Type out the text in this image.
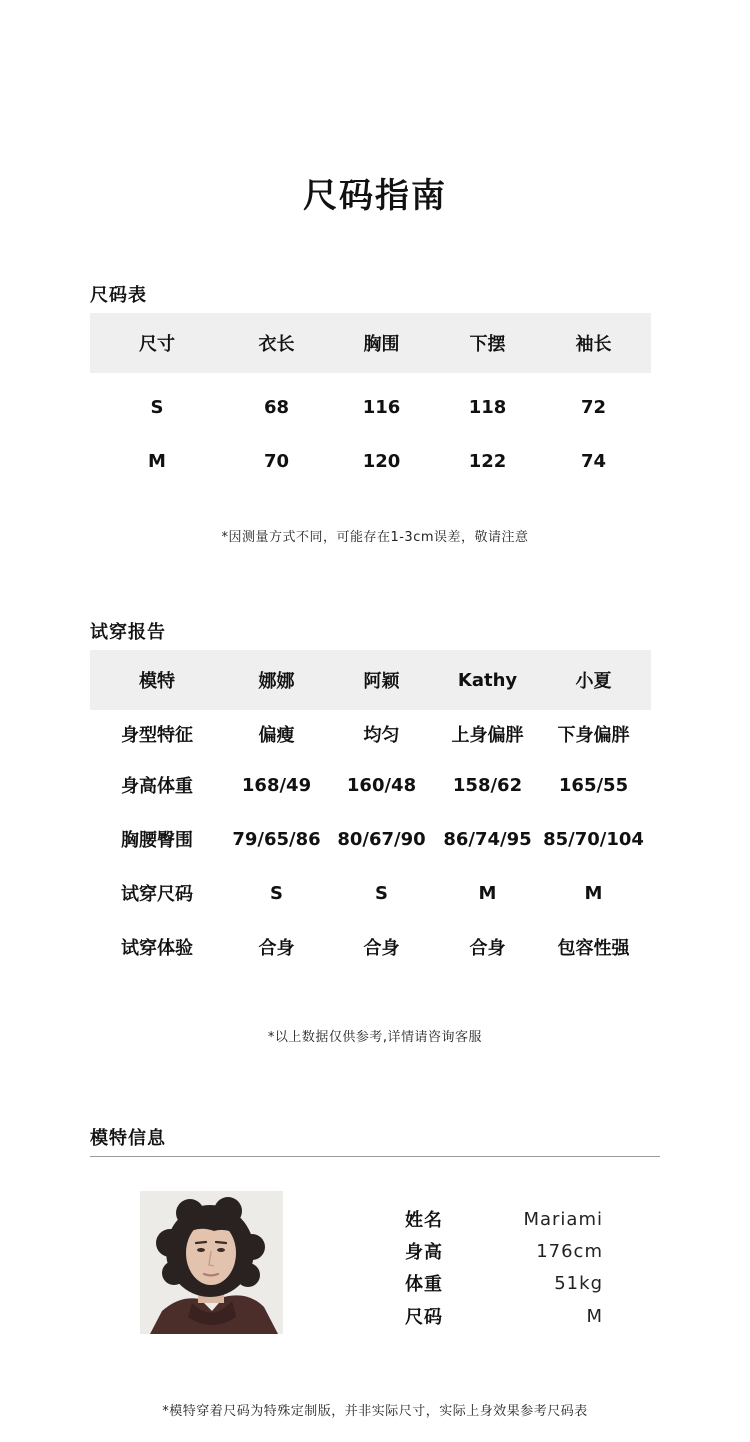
尺码指南
尺码表
尺寸	衣长	胸围	下摆	袖长
S	68	116	118	72
M	70	120	122	74
*因测量方式不同，可能存在1-3cm误差，敬请注意
试穿报告
模特	娜娜	阿颖	Kathy	小夏
身型特征	偏瘦	均匀	上身偏胖	下身偏胖
身高体重	168/49	160/48	158/62	165/55
胸腰臀围	79/65/86 80/67/90 86/74/95 85/70/104
试穿尺码	S	S	M	M
试穿体验	合身	合身	合身	包容性强
*以上数据仅供参考,详情请咨询客服
模特信息
姓名	Mariami
身高	176cm
体重	51kg
尺码	M
*模特穿着尺码为特殊定制版，并非实际尺寸，实际上身效果参考尺码表
